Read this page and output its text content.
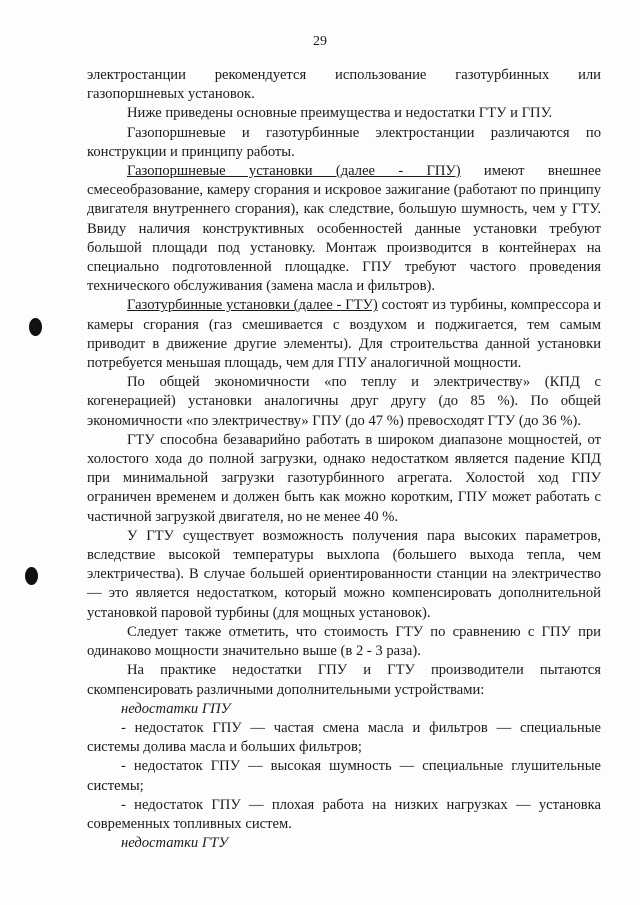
29

электростанции рекомендуется использование газотурбинных или газопоршневых установок.

Ниже приведены основные преимущества и недостатки ГТУ и ГПУ.

Газопоршневые и газотурбинные электростанции различаются по конструкции и принципу работы.

Газопоршневые установки (далее - ГПУ) имеют внешнее смесеобразование, камеру сгорания и искровое зажигание (работают по принципу двигателя внутреннего сгорания), как следствие, большую шумность, чем у ГТУ. Ввиду наличия конструктивных особенностей данные установки требуют большой площади под установку. Монтаж производится в контейнерах на специально подготовленной площадке. ГПУ требуют частого проведения технического обслуживания (замена масла и фильтров).

Газотурбинные установки (далее - ГТУ) состоят из турбины, компрессора и камеры сгорания (газ смешивается с воздухом и поджигается, тем самым приводит в движение другие элементы). Для строительства данной установки потребуется меньшая площадь, чем для ГПУ аналогичной мощности.

По общей экономичности «по теплу и электричеству» (КПД с когенерацией) установки аналогичны друг другу (до 85 %). По общей экономичности «по электричеству» ГПУ (до 47 %) превосходят ГТУ (до 36 %).

ГТУ способна безаварийно работать в широком диапазоне мощностей, от холостого хода до полной загрузки, однако недостатком является падение КПД при минимальной загрузки газотурбинного агрегата. Холостой ход ГПУ ограничен временем и должен быть как можно коротким, ГПУ может работать с частичной загрузкой двигателя, но не менее 40 %.

У ГТУ существует возможность получения пара высоких параметров, вследствие высокой температуры выхлопа (большего выхода тепла, чем электричества). В случае большей ориентированности станции на электричество — это является недостатком, который можно компенсировать дополнительной установкой паровой турбины (для мощных установок).

Следует также отметить, что стоимость ГТУ по сравнению с ГПУ при одинаково мощности значительно выше (в 2 - 3 раза).

На практике недостатки ГПУ и ГТУ производители пытаются скомпенсировать различными дополнительными устройствами:

недостатки ГПУ

- недостаток ГПУ — частая смена масла и фильтров — специальные системы долива масла и больших фильтров;

- недостаток ГПУ — высокая шумность — специальные глушительные системы;

- недостаток ГПУ — плохая работа на низких нагрузках — установка современных топливных систем.

недостатки ГТУ
